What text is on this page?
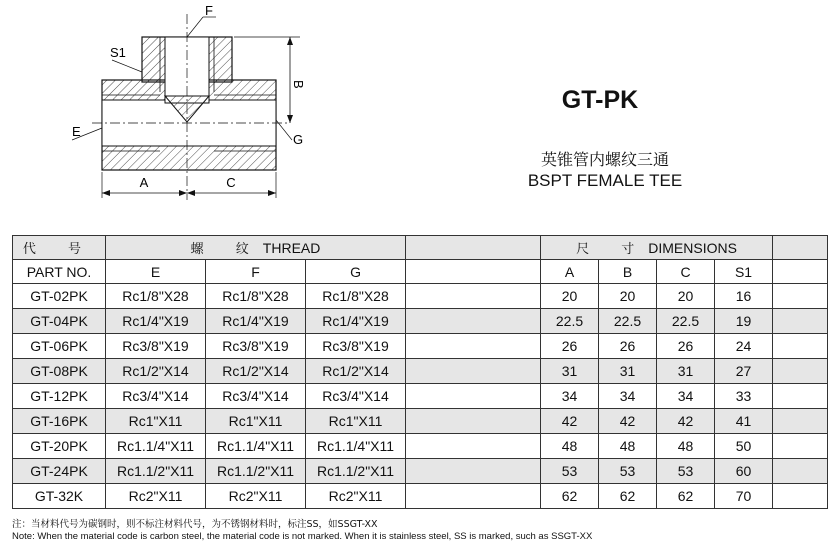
A	C
B
F
S1
E
G
GT-PK
英锥管内螺纹三通
BSPT FEMALE TEE
代 号	螺 纹THREAD				尺 寸DIMENSIONS				
PART NO.	E	F	G		A	B	C	S1	
GT-02PK	Rc1/8"X28	Rc1/8"X28	Rc1/8"X28		20	20	20	16	
GT-04PK	Rc1/4"X19	Rc1/4"X19	Rc1/4"X19		22.5	22.5	22.5	19	
GT-06PK	Rc3/8"X19	Rc3/8"X19	Rc3/8"X19		26	26	26	24	
GT-08PK	Rc1/2"X14	Rc1/2"X14	Rc1/2"X14		31	31	31	27	
GT-12PK	Rc3/4"X14	Rc3/4"X14	Rc3/4"X14		34	34	34	33	
GT-16PK	Rc1"X11	Rc1"X11	Rc1"X11		42	42	42	41	
GT-20PK	Rc1.1/4"X11	Rc1.1/4"X11	Rc1.1/4"X11		48	48	48	50	
GT-24PK	Rc1.1/2"X11	Rc1.1/2"X11	Rc1.1/2"X11		53	53	53	60	
GT-32K	Rc2"X11	Rc2"X11	Rc2"X11		62	62	62	70	
注：当材料代号为碳钢时，则不标注材料代号，为不锈钢材料时，标注SS，如SSGT-XX
Note: When the material code is carbon steel, the material code is not marked. When it is stainless steel, SS is marked, such as SSGT-XX
